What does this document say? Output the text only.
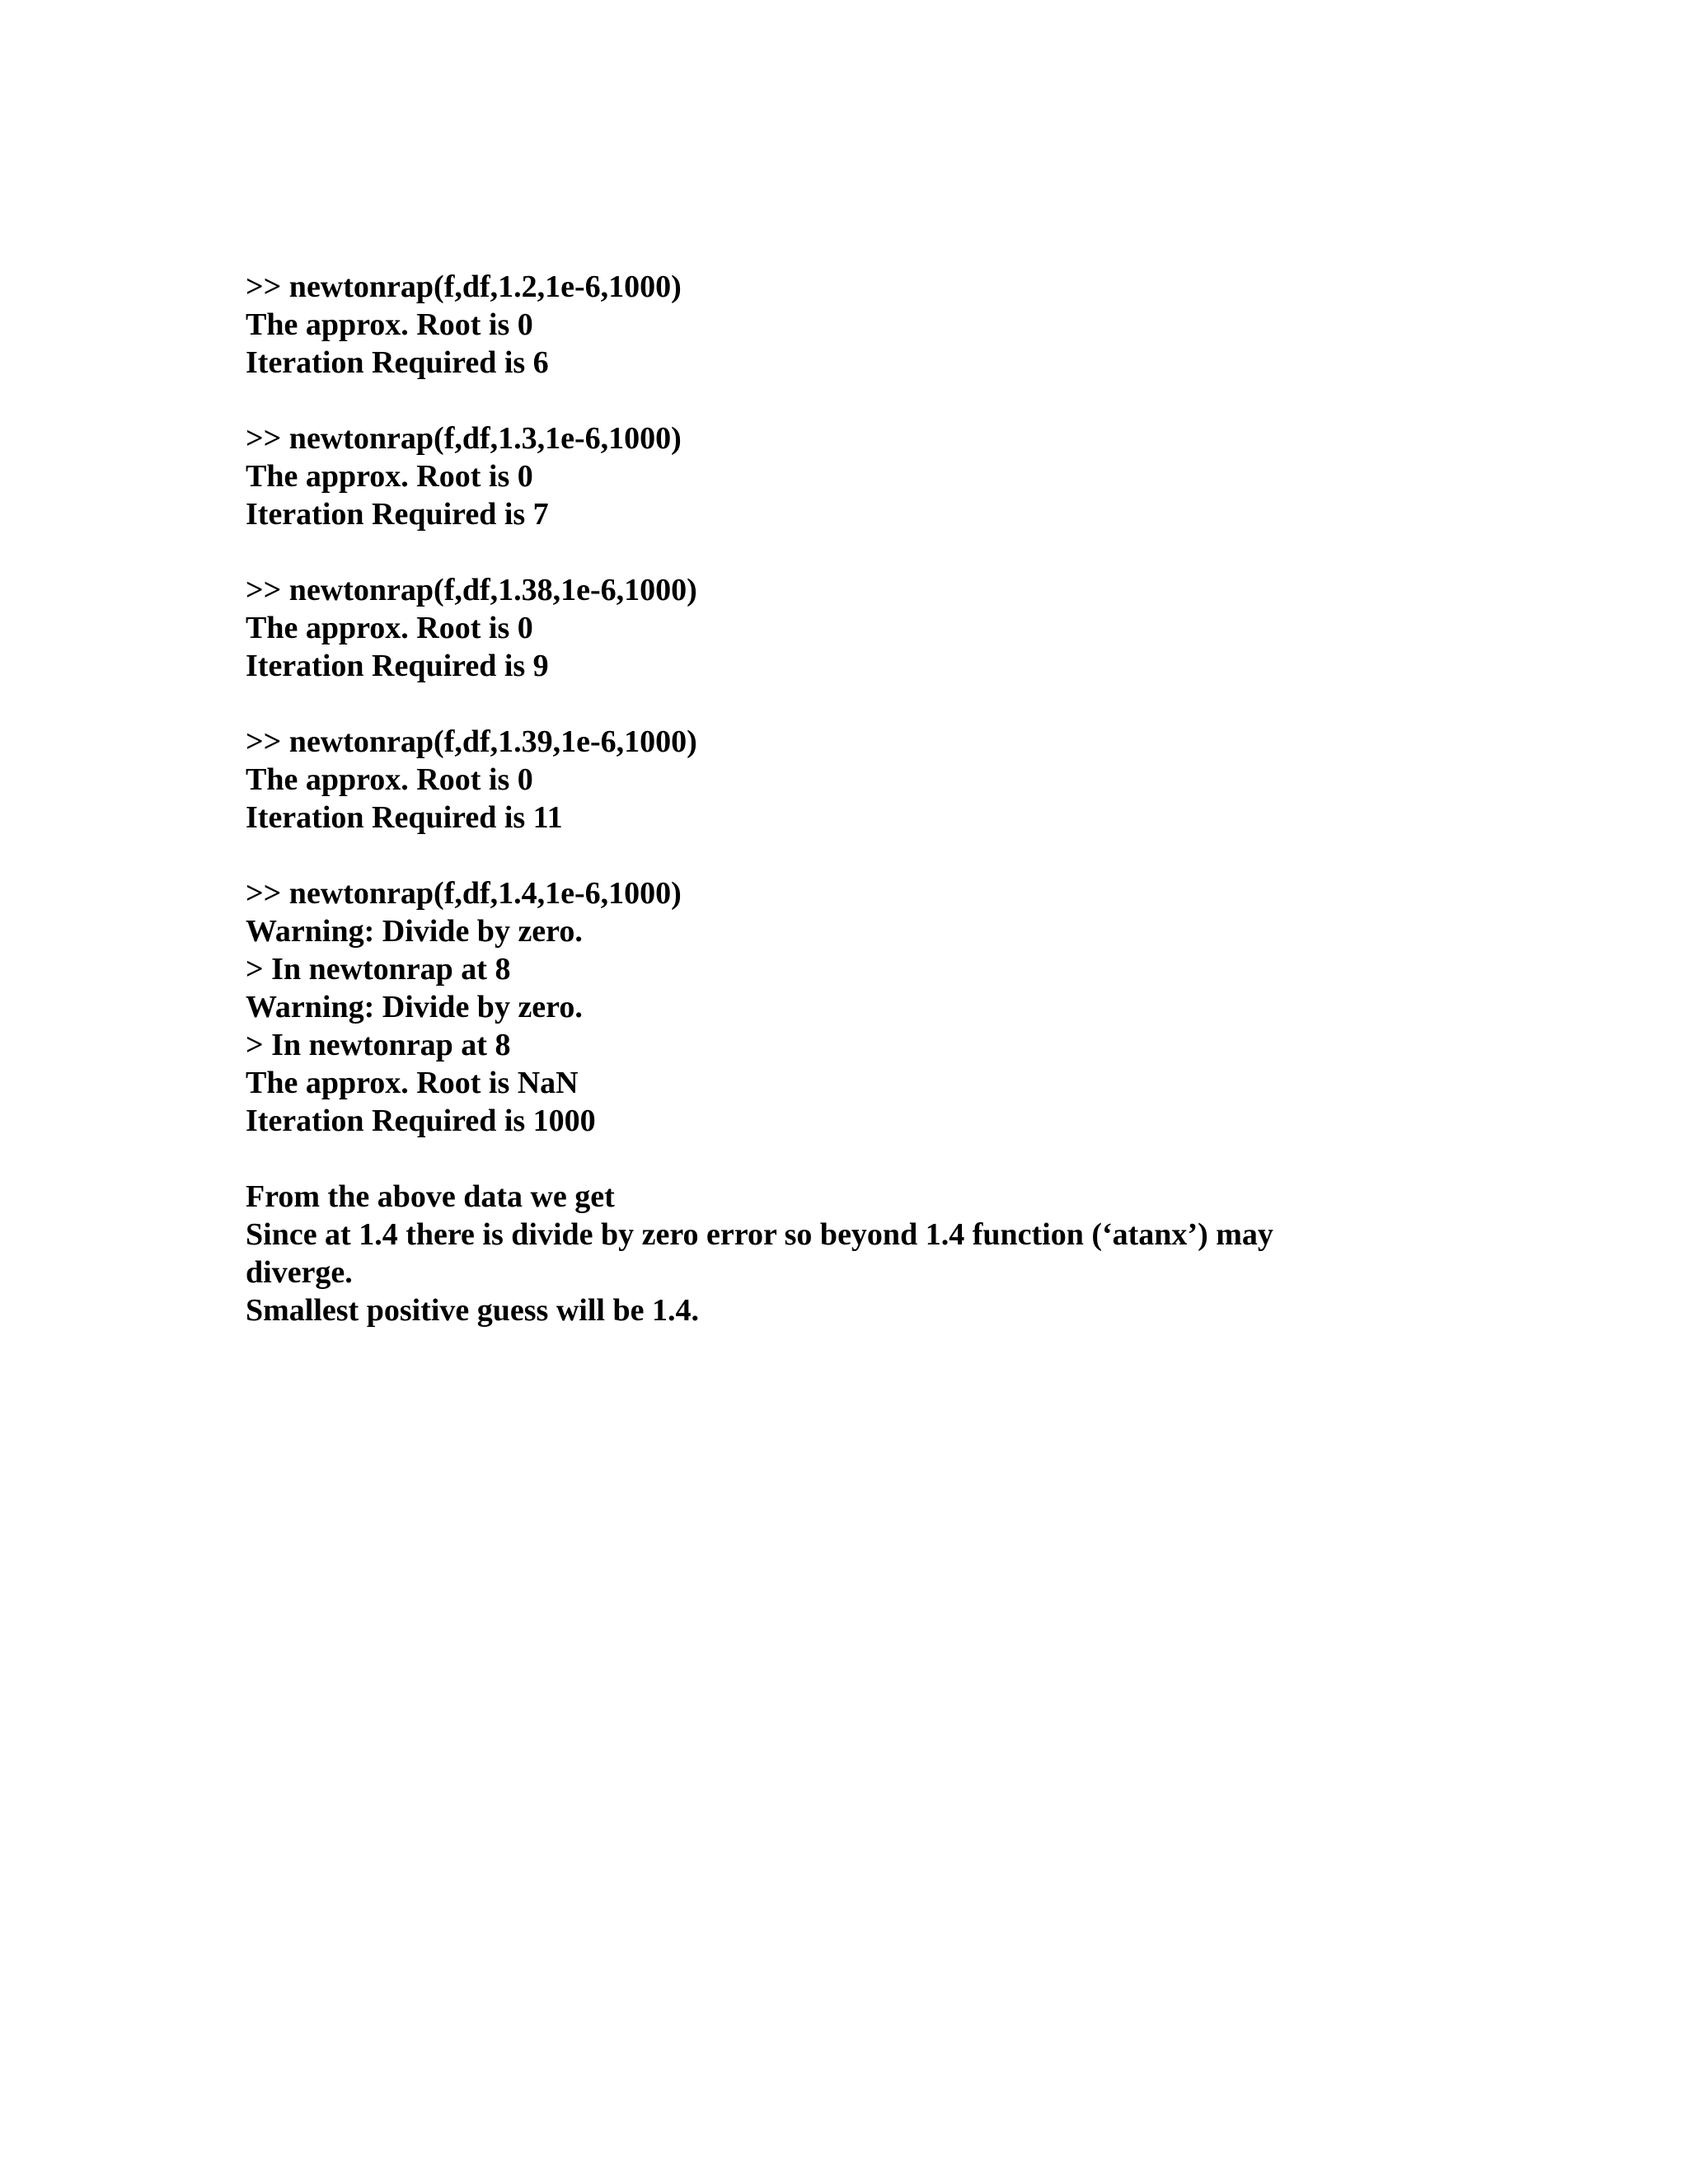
>> newtonrap(f,df,1.2,1e-6,1000)
The approx. Root is 0
Iteration Required is 6
>> newtonrap(f,df,1.3,1e-6,1000)
The approx. Root is 0
Iteration Required is 7
>> newtonrap(f,df,1.38,1e-6,1000)
The approx. Root is 0
Iteration Required is 9
>> newtonrap(f,df,1.39,1e-6,1000)
The approx. Root is 0
Iteration Required is 11
>> newtonrap(f,df,1.4,1e-6,1000)
Warning: Divide by zero.
> In newtonrap at 8
Warning: Divide by zero.
> In newtonrap at 8
The approx. Root is NaN
Iteration Required is 1000
From the above data we get
Since at 1.4 there is divide by zero error so beyond 1.4 function (‘atanx’) may
diverge.
Smallest positive guess will be 1.4.
